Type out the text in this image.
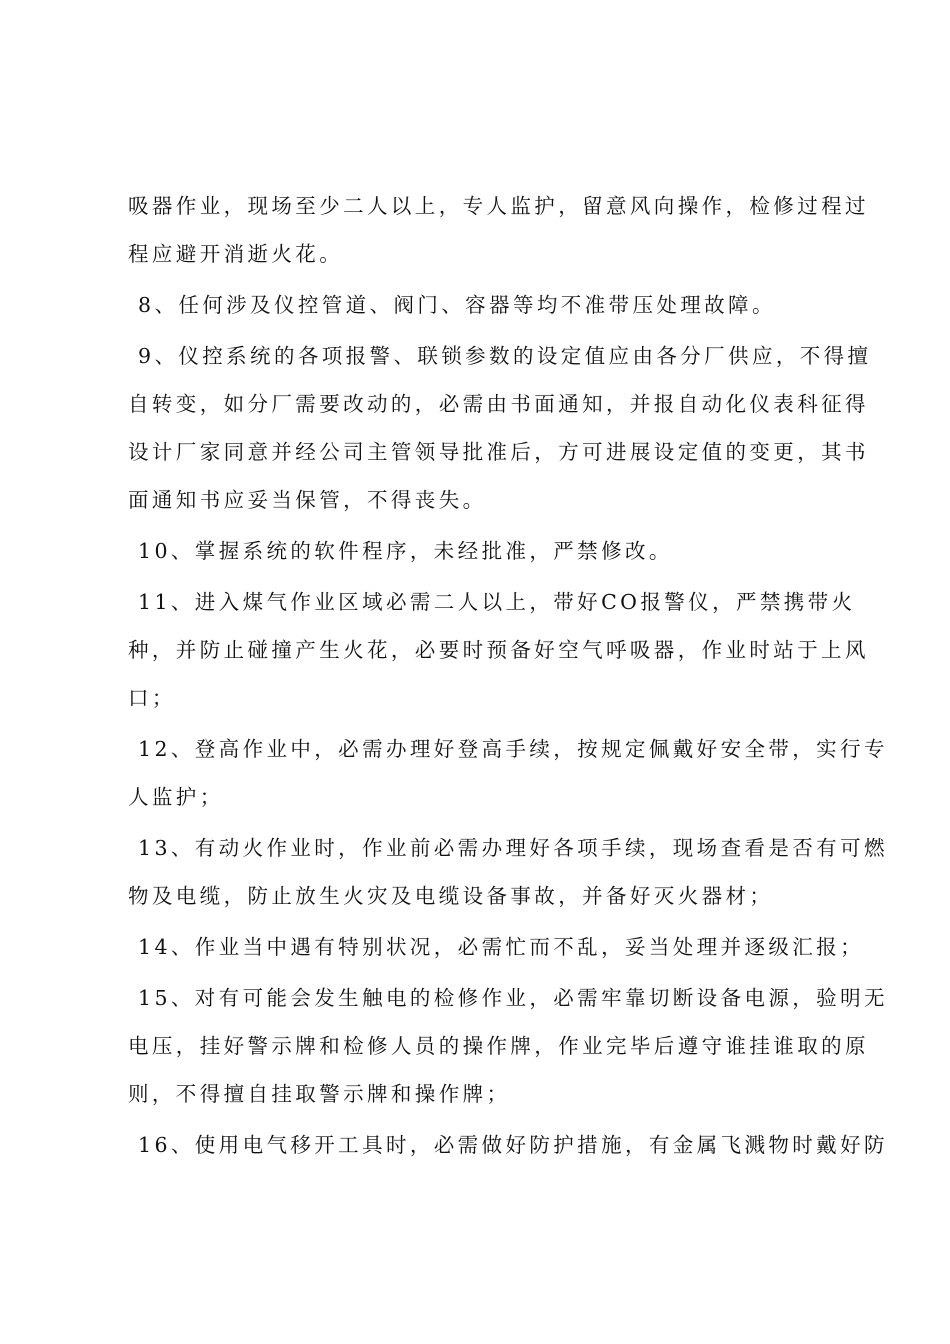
吸器作业，现场至少二人以上，专人监护，留意风向操作，检修过程过

程应避开消逝火花。

8、任何涉及仪控管道、阀门、容器等均不准带压处理故障。

9、仪控系统的各项报警、联锁参数的设定值应由各分厂供应，不得擅

自转变，如分厂需要改动的，必需由书面通知，并报自动化仪表科征得

设计厂家同意并经公司主管领导批准后，方可进展设定值的变更，其书

面通知书应妥当保管，不得丧失。

10、掌握系统的软件程序，未经批准，严禁修改。

11、进入煤气作业区域必需二人以上，带好CO报警仪，严禁携带火

种，并防止碰撞产生火花，必要时预备好空气呼吸器，作业时站于上风

口；

12、登高作业中，必需办理好登高手续，按规定佩戴好安全带，实行专

人监护；

13、有动火作业时，作业前必需办理好各项手续，现场查看是否有可燃

物及电缆，防止放生火灾及电缆设备事故，并备好灭火器材；

14、作业当中遇有特别状况，必需忙而不乱，妥当处理并逐级汇报；

15、对有可能会发生触电的检修作业，必需牢靠切断设备电源，验明无

电压，挂好警示牌和检修人员的操作牌，作业完毕后遵守谁挂谁取的原

则，不得擅自挂取警示牌和操作牌；

16、使用电气移开工具时，必需做好防护措施，有金属飞溅物时戴好防
